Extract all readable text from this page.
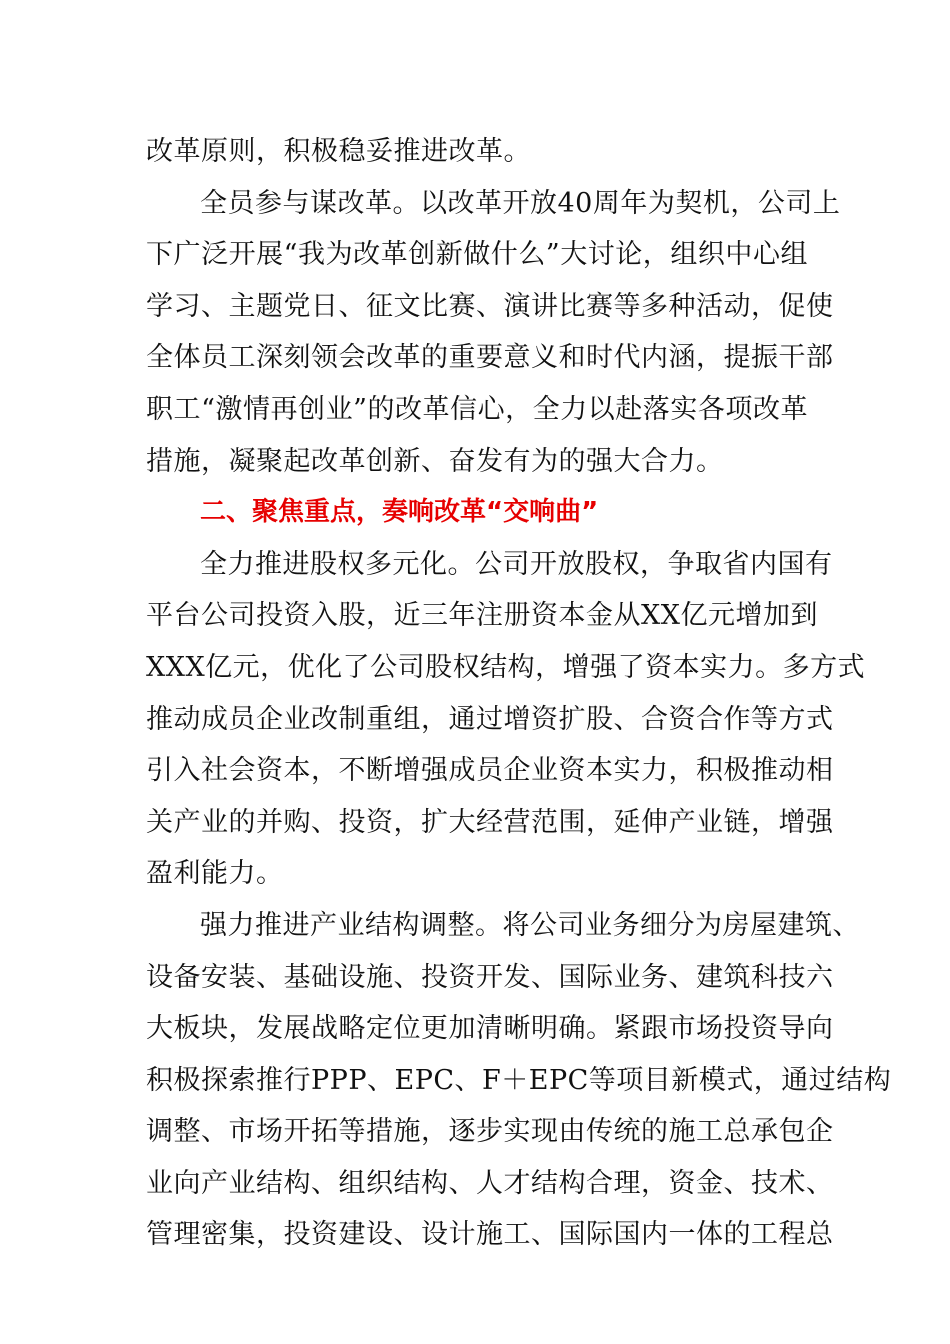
改革原则，积极稳妥推进改革。
全员参与谋改革。以改革开放40周年为契机，公司上
下广泛开展“我为改革创新做什么”大讨论，组织中心组
学习、主题党日、征文比赛、演讲比赛等多种活动，促使
全体员工深刻领会改革的重要意义和时代内涵，提振干部
职工“激情再创业”的改革信心，全力以赴落实各项改革
措施，凝聚起改革创新、奋发有为的强大合力。
二、聚焦重点，奏响改革“交响曲”
全力推进股权多元化。公司开放股权，争取省内国有
平台公司投资入股，近三年注册资本金从XX亿元增加到
XXX亿元，优化了公司股权结构，增强了资本实力。多方式
推动成员企业改制重组，通过增资扩股、合资合作等方式
引入社会资本，不断增强成员企业资本实力，积极推动相
关产业的并购、投资，扩大经营范围，延伸产业链，增强
盈利能力。
强力推进产业结构调整。将公司业务细分为房屋建筑、
设备安装、基础设施、投资开发、国际业务、建筑科技六
大板块，发展战略定位更加清晰明确。紧跟市场投资导向
积极探索推行PPP、EPC、F＋EPC等项目新模式，通过结构
调整、市场开拓等措施，逐步实现由传统的施工总承包企
业向产业结构、组织结构、人才结构合理，资金、技术、
管理密集，投资建设、设计施工、国际国内一体的工程总
